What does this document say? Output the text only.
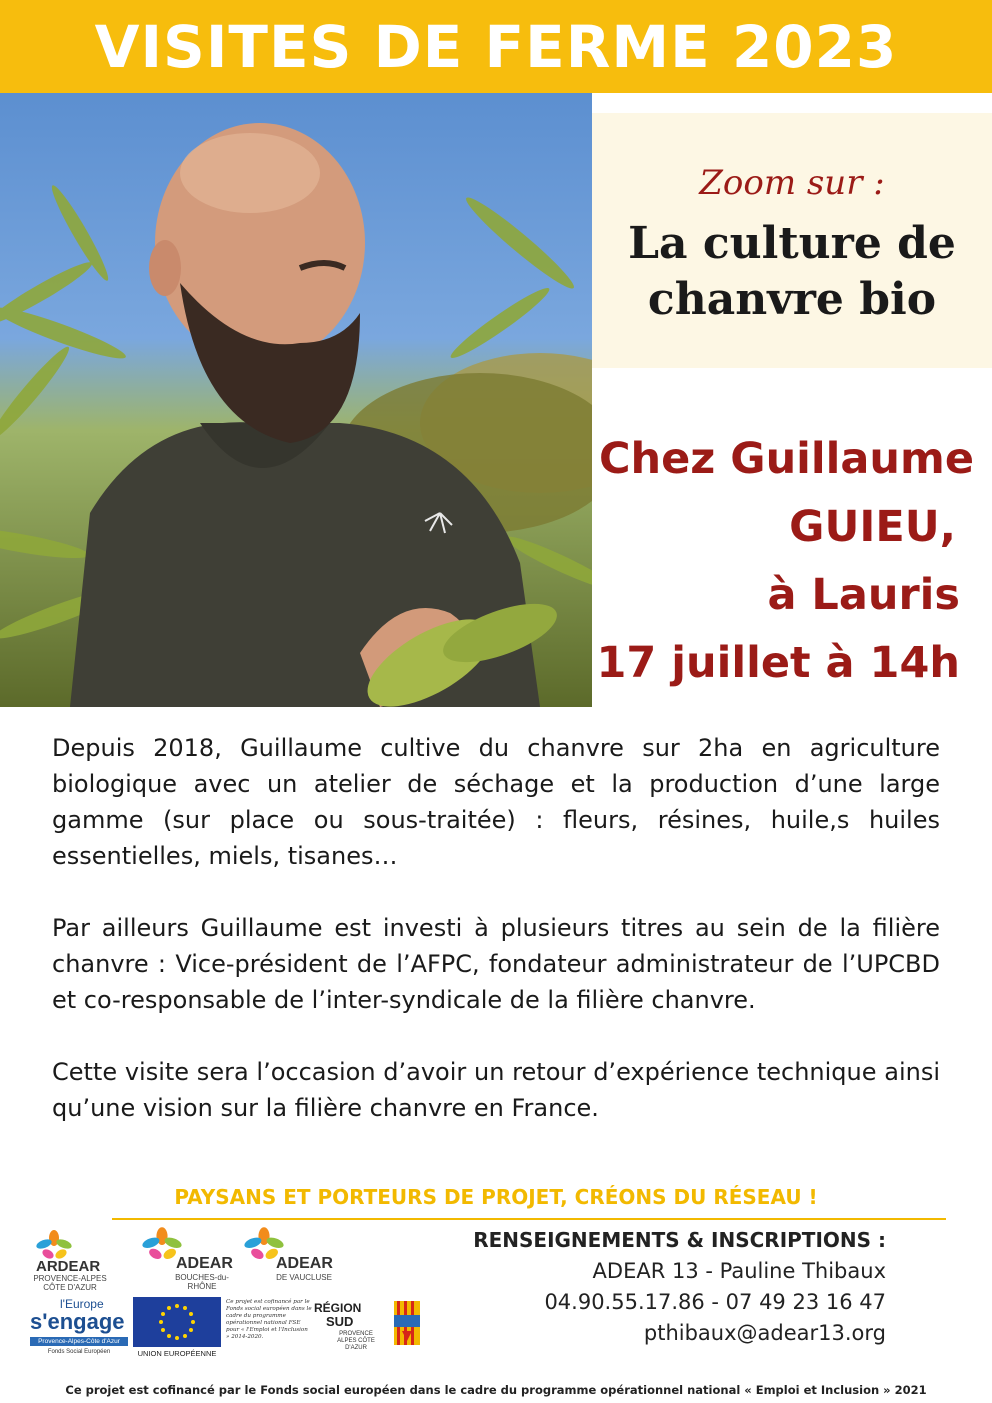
VISITES DE FERME 2023
Zoom sur :
La culture de
chanvre bio
Chez Guillaume
GUIEU,
à Lauris
17 juillet à 14h

Depuis 2018, Guillaume cultive du chanvre sur 2ha en agriculture biologique avec un atelier de séchage et la production d’une large gamme (sur place ou sous-traitée) : fleurs, résines, huile,s huiles essentielles, miels, tisanes…

Par ailleurs Guillaume est investi à plusieurs titres au sein de la filière chanvre : Vice-président de l’AFPC, fondateur administrateur de l’UPCBD et co-responsable de l’inter-syndicale de la filière chanvre.

Cette visite sera l’occasion d’avoir un retour d’expérience technique ainsi qu’une vision sur la filière chanvre en France.

PAYSANS ET PORTEURS DE PROJET, CRÉONS DU RÉSEAU !
ARDEAR
PROVENCE-ALPES CÔTE D'AZUR
ADEAR
BOUCHES-du-RHÔNE
ADEAR
DE VAUCLUSE
l'Europe
s'engage
Provence-Alpes-Côte d'Azur
Fonds Social Européen	UNION EUROPÉENNE
Ce projet est cofinancé par le Fonds social européen dans le cadre du programme opérationnel national FSE pour « l'Emploi et l'Inclusion » 2014-2020.
RÉGION
SUD
PROVENCE ALPES CÔTE D'AZUR
RENSEIGNEMENTS & INSCRIPTIONS :
ADEAR 13 - Pauline Thibaux
04.90.55.17.86 - 07 49 23 16 47
pthibaux@adear13.org
Ce projet est cofinancé par le Fonds social européen dans le cadre du programme opérationnel national « Emploi et Inclusion » 2021
